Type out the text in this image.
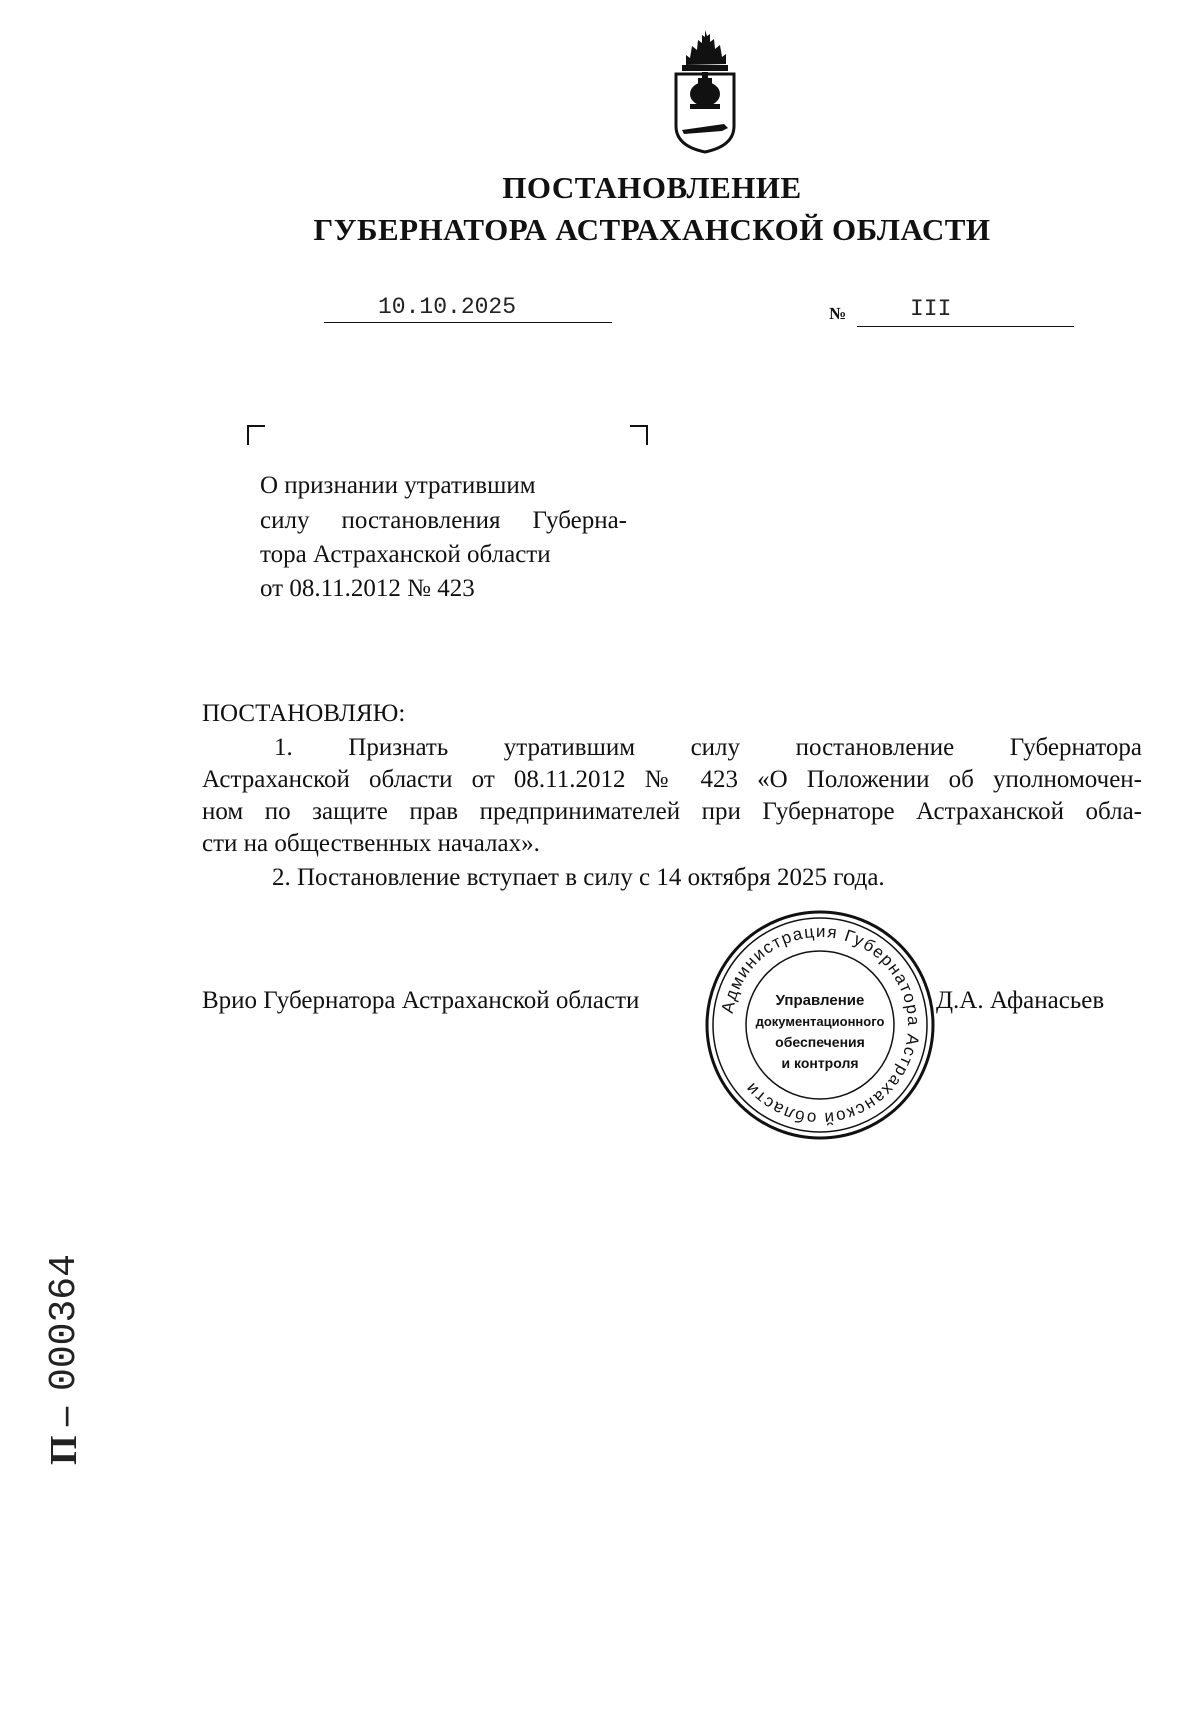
ПОСТАНОВЛЕНИЕ
ГУБЕРНАТОРА АСТРАХАНСКОЙ ОБЛАСТИ
10.10.2025	№	III
О признании утратившим
силу постановления Губерна-
тора Астраханской области
от 08.11.2012 № 423
ПОСТАНОВЛЯЮ:
1. Признать утратившим силу постановление Губернатора
Астраханской области от 08.11.2012 № 423 «О Положении об уполномочен-
ном по защите прав предпринимателей при Губернаторе Астраханской обла-
сти на общественных началах».
2. Постановление вступает в силу с 14 октября 2025 года.
Врио Губернатора Астраханской области	Д.А. Афанасьев
Администрация Губернатора Астраханской области
Управление
документационного
обеспечения
и контроля
П –
000364
